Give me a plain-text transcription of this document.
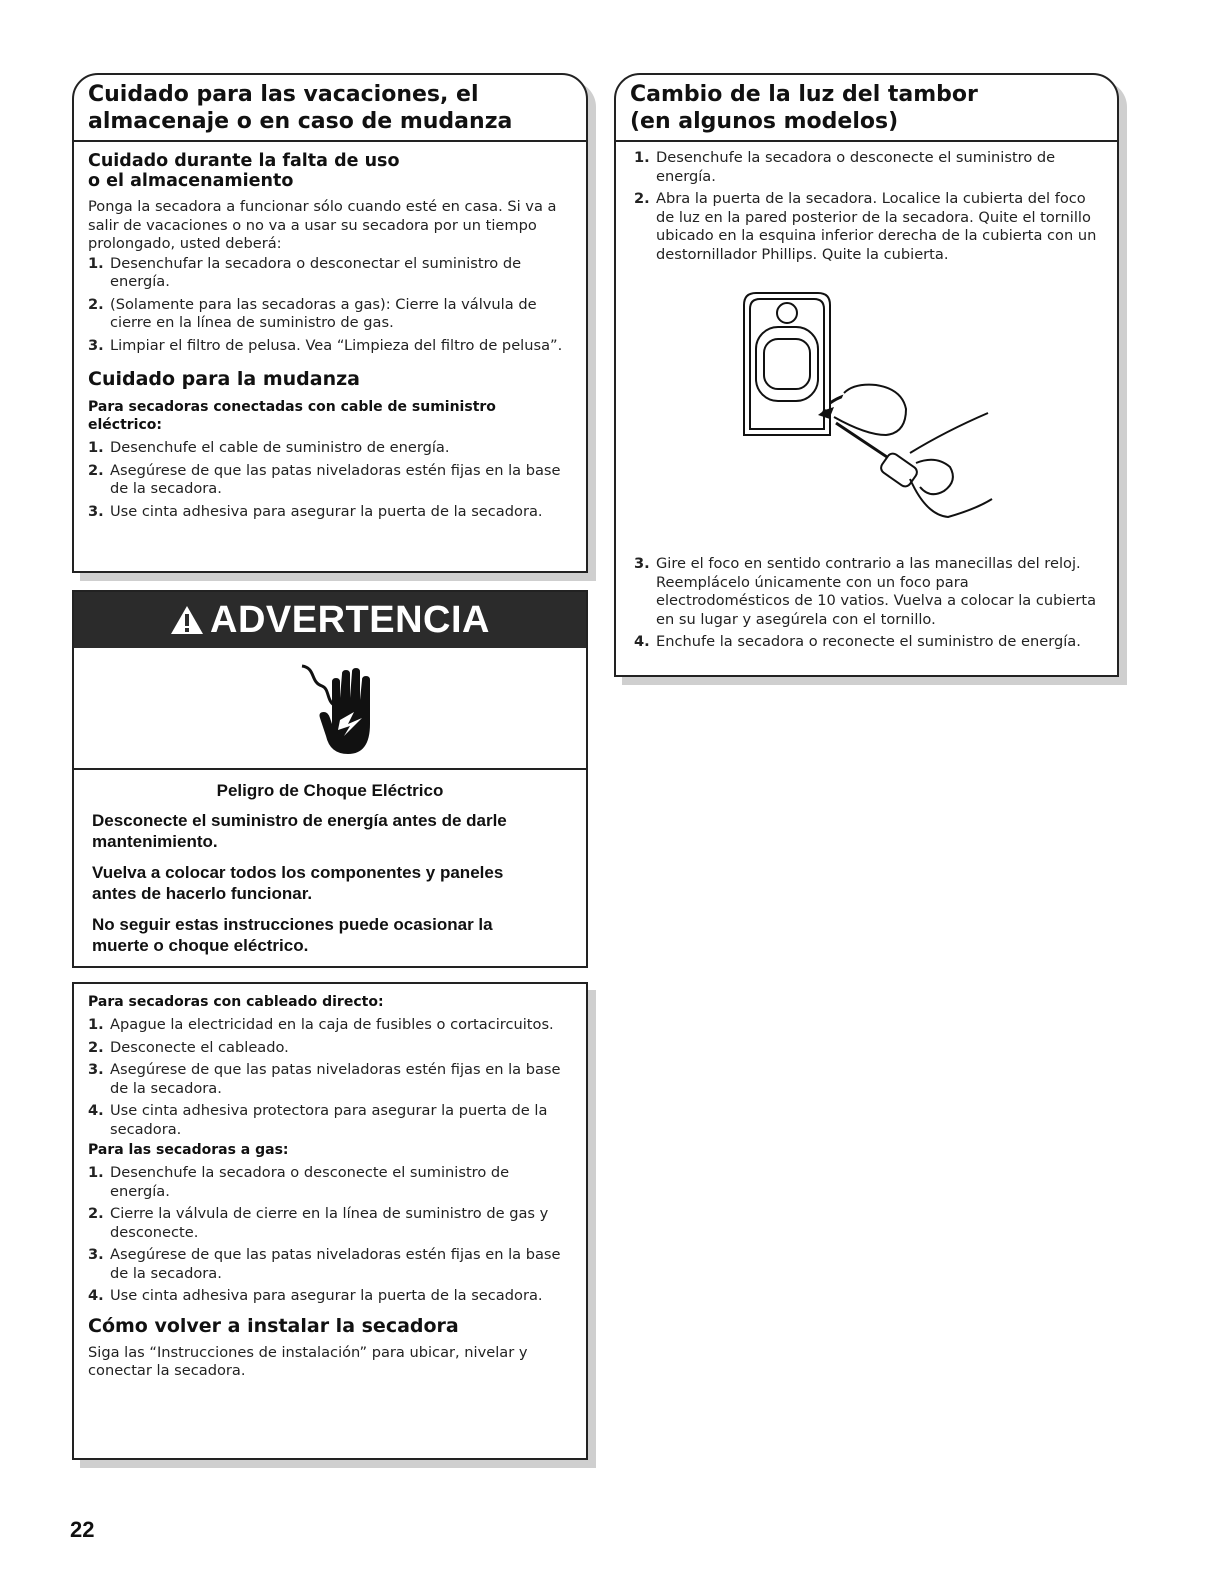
Cuidado para las vacaciones, el almacenaje o en caso de mudanza
Cuidado durante la falta de uso
o el almacenamiento
Ponga la secadora a funcionar sólo cuando esté en casa. Si va a salir de vacaciones o no va a usar su secadora por un tiempo prolongado, usted deberá:
1. Desenchufar la secadora o desconectar el suministro de energía.
2. (Solamente para las secadoras a gas): Cierre la válvula de cierre en la línea de suministro de gas.
3. Limpiar el filtro de pelusa. Vea “Limpieza del filtro de pelusa”.
Cuidado para la mudanza
Para secadoras conectadas con cable de suministro eléctrico:
1. Desenchufe el cable de suministro de energía.
2. Asegúrese de que las patas niveladoras estén fijas en la base de la secadora.
3. Use cinta adhesiva para asegurar la puerta de la secadora.
ADVERTENCIA
Peligro de Choque Eléctrico
Desconecte el suministro de energía antes de darle mantenimiento.
Vuelva a colocar todos los componentes y paneles antes de hacerlo funcionar.
No seguir estas instrucciones puede ocasionar la muerte o choque eléctrico.
Para secadoras con cableado directo:
1. Apague la electricidad en la caja de fusibles o cortacircuitos.
2. Desconecte el cableado.
3. Asegúrese de que las patas niveladoras estén fijas en la base de la secadora.
4. Use cinta adhesiva protectora para asegurar la puerta de la secadora.
Para las secadoras a gas:
1. Desenchufe la secadora o desconecte el suministro de energía.
2. Cierre la válvula de cierre en la línea de suministro de gas y desconecte.
3. Asegúrese de que las patas niveladoras estén fijas en la base de la secadora.
4. Use cinta adhesiva para asegurar la puerta de la secadora.
Cómo volver a instalar la secadora
Siga las “Instrucciones de instalación” para ubicar, nivelar y conectar la secadora.
Cambio de la luz del tambor
(en algunos modelos)
1. Desenchufe la secadora o desconecte el suministro de energía.
2. Abra la puerta de la secadora. Localice la cubierta del foco de luz en la pared posterior de la secadora. Quite el tornillo ubicado en la esquina inferior derecha de la cubierta con un destornillador Phillips. Quite la cubierta.
3. Gire el foco en sentido contrario a las manecillas del reloj. Reemplácelo únicamente con un foco para electrodomésticos de 10 vatios. Vuelva a colocar la cubierta en su lugar y asegúrela con el tornillo.
4. Enchufe la secadora o reconecte el suministro de energía.
22
